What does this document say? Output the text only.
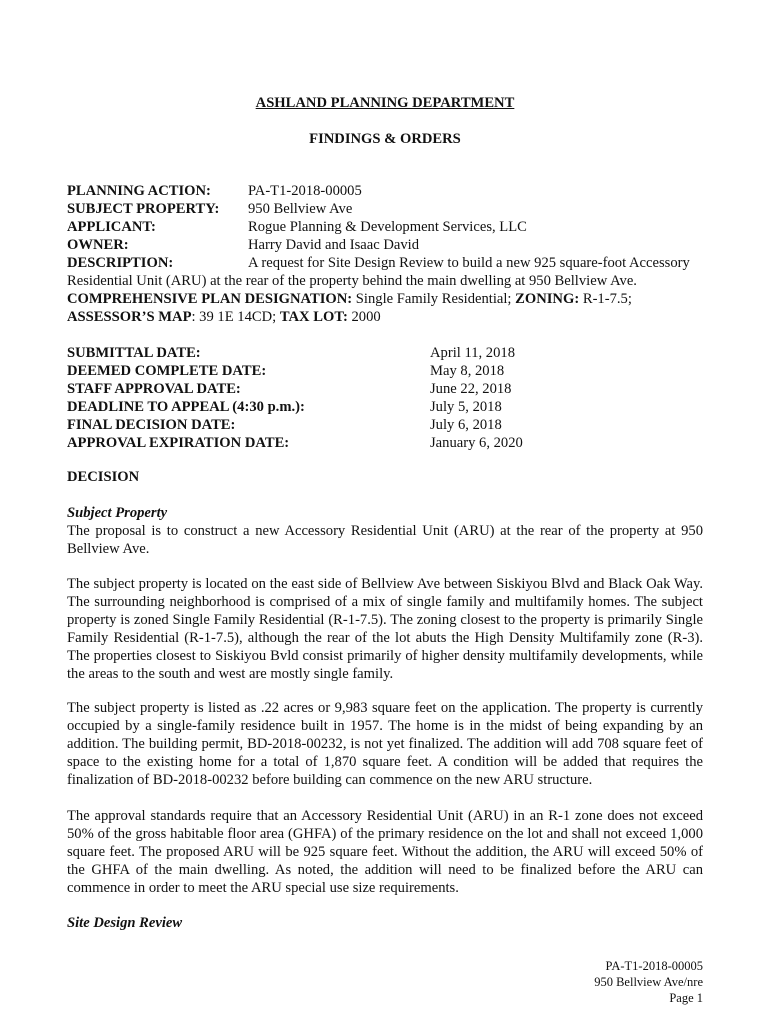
ASHLAND PLANNING DEPARTMENT
FINDINGS & ORDERS
PLANNING ACTION:	PA-T1-2018-00005
SUBJECT PROPERTY: 950 Bellview Ave
APPLICANT:	Rogue Planning & Development Services, LLC
OWNER:	Harry David and Isaac David
DESCRIPTION:	A request for Site Design Review to build a new 925 square-foot Accessory
Residential Unit (ARU) at the rear of the property behind the main dwelling at 950 Bellview Ave.
COMPREHENSIVE PLAN DESIGNATION: Single Family Residential; ZONING: R-1-7.5;
ASSESSOR’S MAP: 39 1E 14CD; TAX LOT: 2000
SUBMITTAL DATE:	April 11, 2018
DEEMED COMPLETE DATE:	May 8, 2018
STAFF APPROVAL DATE:	June 22, 2018
DEADLINE TO APPEAL (4:30 p.m.):	July 5, 2018
FINAL DECISION DATE:	July 6, 2018
APPROVAL EXPIRATION DATE:	January 6, 2020
DECISION
Subject Property

The proposal is to construct a new Accessory Residential Unit (ARU) at the rear of the property at 950 Bellview Ave.

The subject property is located on the east side of Bellview Ave between Siskiyou Blvd and Black Oak Way. The surrounding neighborhood is comprised of a mix of single family and multifamily homes. The subject property is zoned Single Family Residential (R-1-7.5). The zoning closest to the property is primarily Single Family Residential (R-1-7.5), although the rear of the lot abuts the High Density Multifamily zone (R-3). The properties closest to Siskiyou Bvld consist primarily of higher density multifamily developments, while the areas to the south and west are mostly single family.

The subject property is listed as .22 acres or 9,983 square feet on the application. The property is currently occupied by a single-family residence built in 1957. The home is in the midst of being expanding by an addition. The building permit, BD-2018-00232, is not yet finalized. The addition will add 708 square feet of space to the existing home for a total of 1,870 square feet. A condition will be added that requires the finalization of BD-2018-00232 before building can commence on the new ARU structure.

The approval standards require that an Accessory Residential Unit (ARU) in an R-1 zone does not exceed 50% of the gross habitable floor area (GHFA) of the primary residence on the lot and shall not exceed 1,000 square feet. The proposed ARU will be 925 square feet. Without the addition, the ARU will exceed 50% of the GHFA of the main dwelling. As noted, the addition will need to be finalized before the ARU can commence in order to meet the ARU special use size requirements.

Site Design Review
PA-T1-2018-00005
950 Bellview Ave/nre
Page 1
